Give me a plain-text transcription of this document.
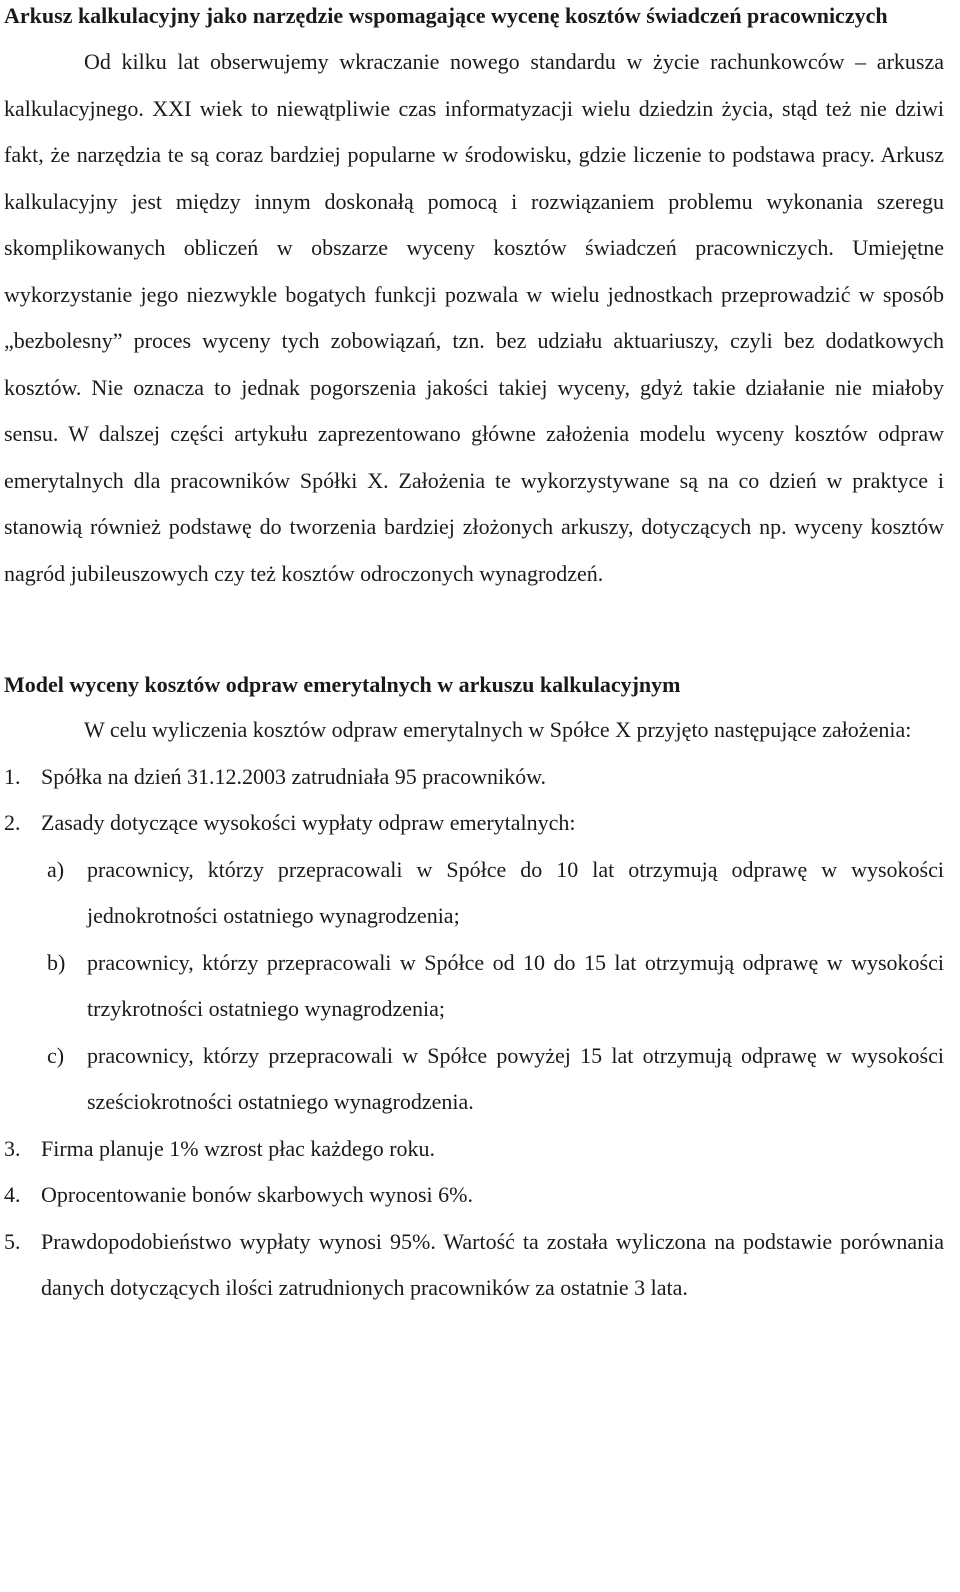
Arkusz kalkulacyjny jako narzędzie wspomagające wycenę kosztów świadczeń pracowniczych

Od kilku lat obserwujemy wkraczanie nowego standardu w życie rachunkowców – arkusza kalkulacyjnego. XXI wiek to niewątpliwie czas informatyzacji wielu dziedzin życia, stąd też nie dziwi fakt, że narzędzia te są coraz bardziej popularne w środowisku, gdzie liczenie to podstawa pracy. Arkusz kalkulacyjny jest między innym doskonałą pomocą i rozwiązaniem problemu wykonania szeregu skomplikowanych obliczeń w obszarze wyceny kosztów świadczeń pracowniczych. Umiejętne wykorzystanie jego niezwykle bogatych funkcji pozwala w wielu jednostkach przeprowadzić w sposób „bezbolesny” proces wyceny tych zobowiązań, tzn. bez udziału aktuariuszy, czyli bez dodatkowych kosztów. Nie oznacza to jednak pogorszenia jakości takiej wyceny, gdyż takie działanie nie miałoby sensu. W dalszej części artykułu zaprezentowano główne założenia modelu wyceny kosztów odpraw emerytalnych dla pracowników Spółki X. Założenia te wykorzystywane są na co dzień w praktyce i stanowią również podstawę do tworzenia bardziej złożonych arkuszy, dotyczących np. wyceny kosztów nagród jubileuszowych czy też kosztów odroczonych wynagrodzeń.

Model wyceny kosztów odpraw emerytalnych w arkuszu kalkulacyjnym

W celu wyliczenia kosztów odpraw emerytalnych w Spółce X przyjęto następujące założenia:

1. Spółka na dzień 31.12.2003 zatrudniała 95 pracowników.
2. Zasady dotyczące wysokości wypłaty odpraw emerytalnych:
a) pracownicy, którzy przepracowali w Spółce do 10 lat otrzymują odprawę w wysokości jednokrotności ostatniego wynagrodzenia;
b) pracownicy, którzy przepracowali w Spółce od 10 do 15 lat otrzymują odprawę w wysokości trzykrotności ostatniego wynagrodzenia;
c) pracownicy, którzy przepracowali w Spółce powyżej 15 lat otrzymują odprawę w wysokości sześciokrotności ostatniego wynagrodzenia.
3. Firma planuje 1% wzrost płac każdego roku.
4. Oprocentowanie bonów skarbowych wynosi 6%.
5. Prawdopodobieństwo wypłaty wynosi 95%. Wartość ta została wyliczona na podstawie porównania danych dotyczących ilości zatrudnionych pracowników za ostatnie 3 lata.
